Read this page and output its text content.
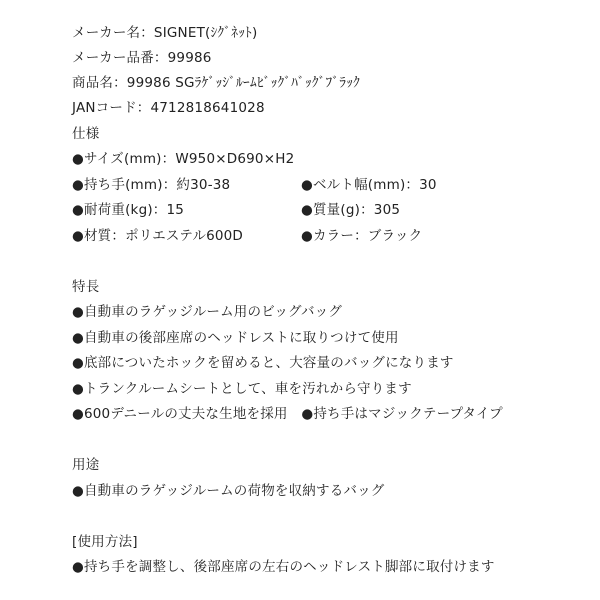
メーカー名：SIGNET(ｼｸﾞﾈｯﾄ)
メーカー品番：99986
商品名：99986 SGﾗｹﾞｯｼﾞﾙｰﾑﾋﾞｯｸﾞﾊﾞｯｸﾞﾌﾞﾗｯｸ
JANコード：4712818641028
仕様
●サイズ(mm)：W950×D690×H2
●持ち手(mm)：約30-38	●ベルト幅(mm)：30
●耐荷重(kg)：15	●質量(g)：305
●材質：ポリエステル600D	●カラー：ブラック
特長
●自動車のラゲッジルーム用のビッグバッグ
●自動車の後部座席のヘッドレストに取りつけて使用
●底部についたホックを留めると、大容量のバッグになります
●トランクルームシートとして、車を汚れから守ります
●600デニールの丈夫な生地を採用　●持ち手はマジックテープタイプ
用途
●自動車のラゲッジルームの荷物を収納するバッグ
[使用方法]
●持ち手を調整し、後部座席の左右のヘッドレスト脚部に取付けます
